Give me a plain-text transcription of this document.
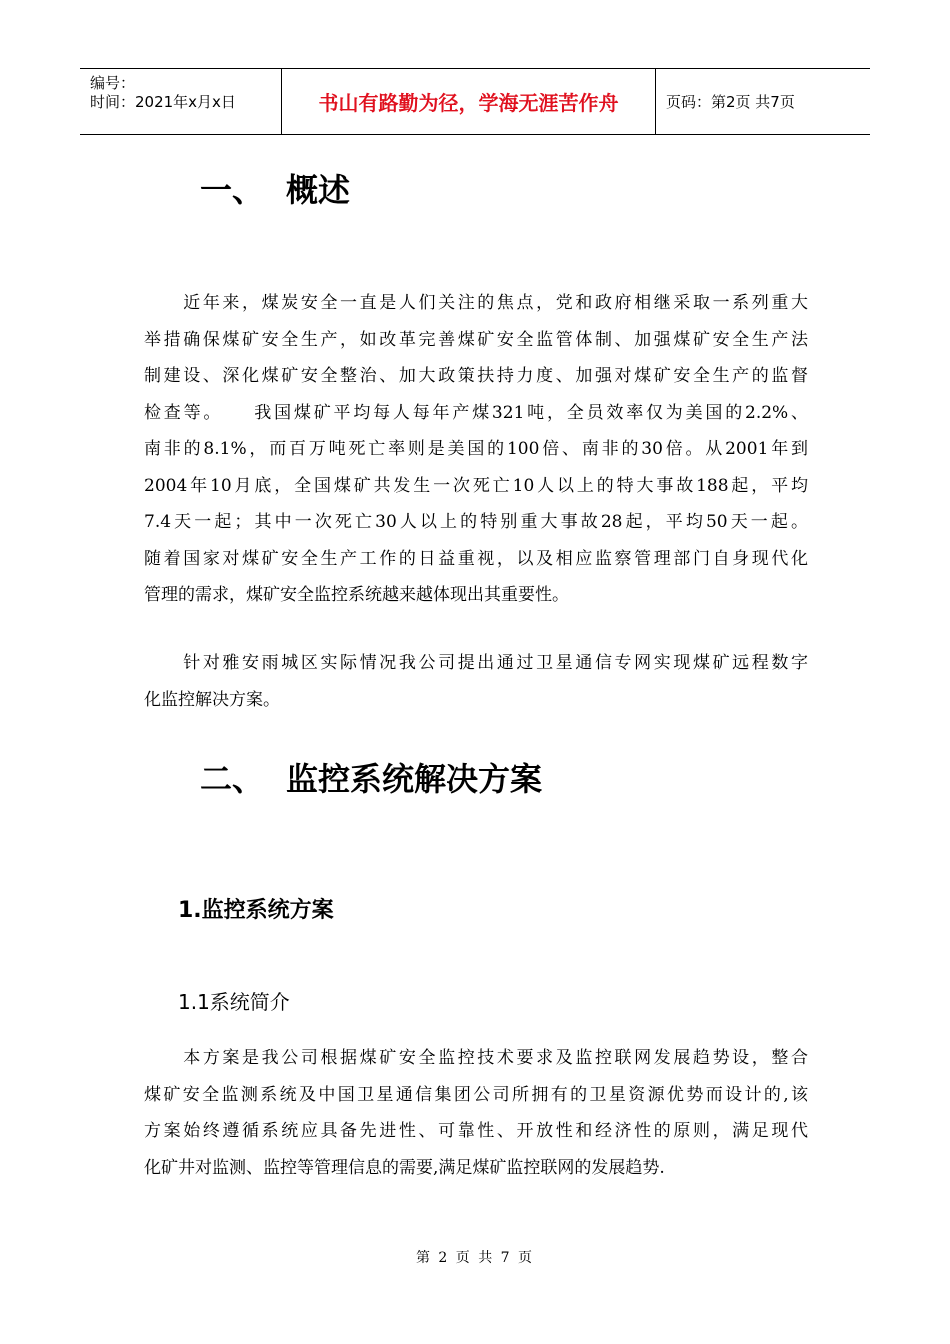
编号：
时间：2021年x月x日	书山有路勤为径，学海无涯苦作舟	页码：第2页 共7页
一、 概述
　　近年来，煤炭安全一直是人们关注的焦点，党和政府相继采取一系列重大
举措确保煤矿安全生产，如改革完善煤矿安全监管体制、加强煤矿安全生产法
制建设、深化煤矿安全整治、加大政策扶持力度、加强对煤矿安全生产的监督
检查等。　　我国煤矿平均每人每年产煤321吨，全员效率仅为美国的2.2%、
南非的8.1%，而百万吨死亡率则是美国的100倍、南非的30倍。从2001年到
2004年10月底，全国煤矿共发生一次死亡10人以上的特大事故188起，平均
7.4天一起；其中一次死亡30人以上的特别重大事故28起，平均50天一起。
随着国家对煤矿安全生产工作的日益重视，以及相应监察管理部门自身现代化
管理的需求，煤矿安全监控系统越来越体现出其重要性。
　　针对雅安雨城区实际情况我公司提出通过卫星通信专网实现煤矿远程数字
化监控解决方案。
二、 监控系统解决方案
1.监控系统方案
1.1系统简介
　　本方案是我公司根据煤矿安全监控技术要求及监控联网发展趋势设，整合
煤矿安全监测系统及中国卫星通信集团公司所拥有的卫星资源优势而设计的,该
方案始终遵循系统应具备先进性、可靠性、开放性和经济性的原则，满足现代
化矿井对监测、监控等管理信息的需要,满足煤矿监控联网的发展趋势.
第 2 页 共 7 页
